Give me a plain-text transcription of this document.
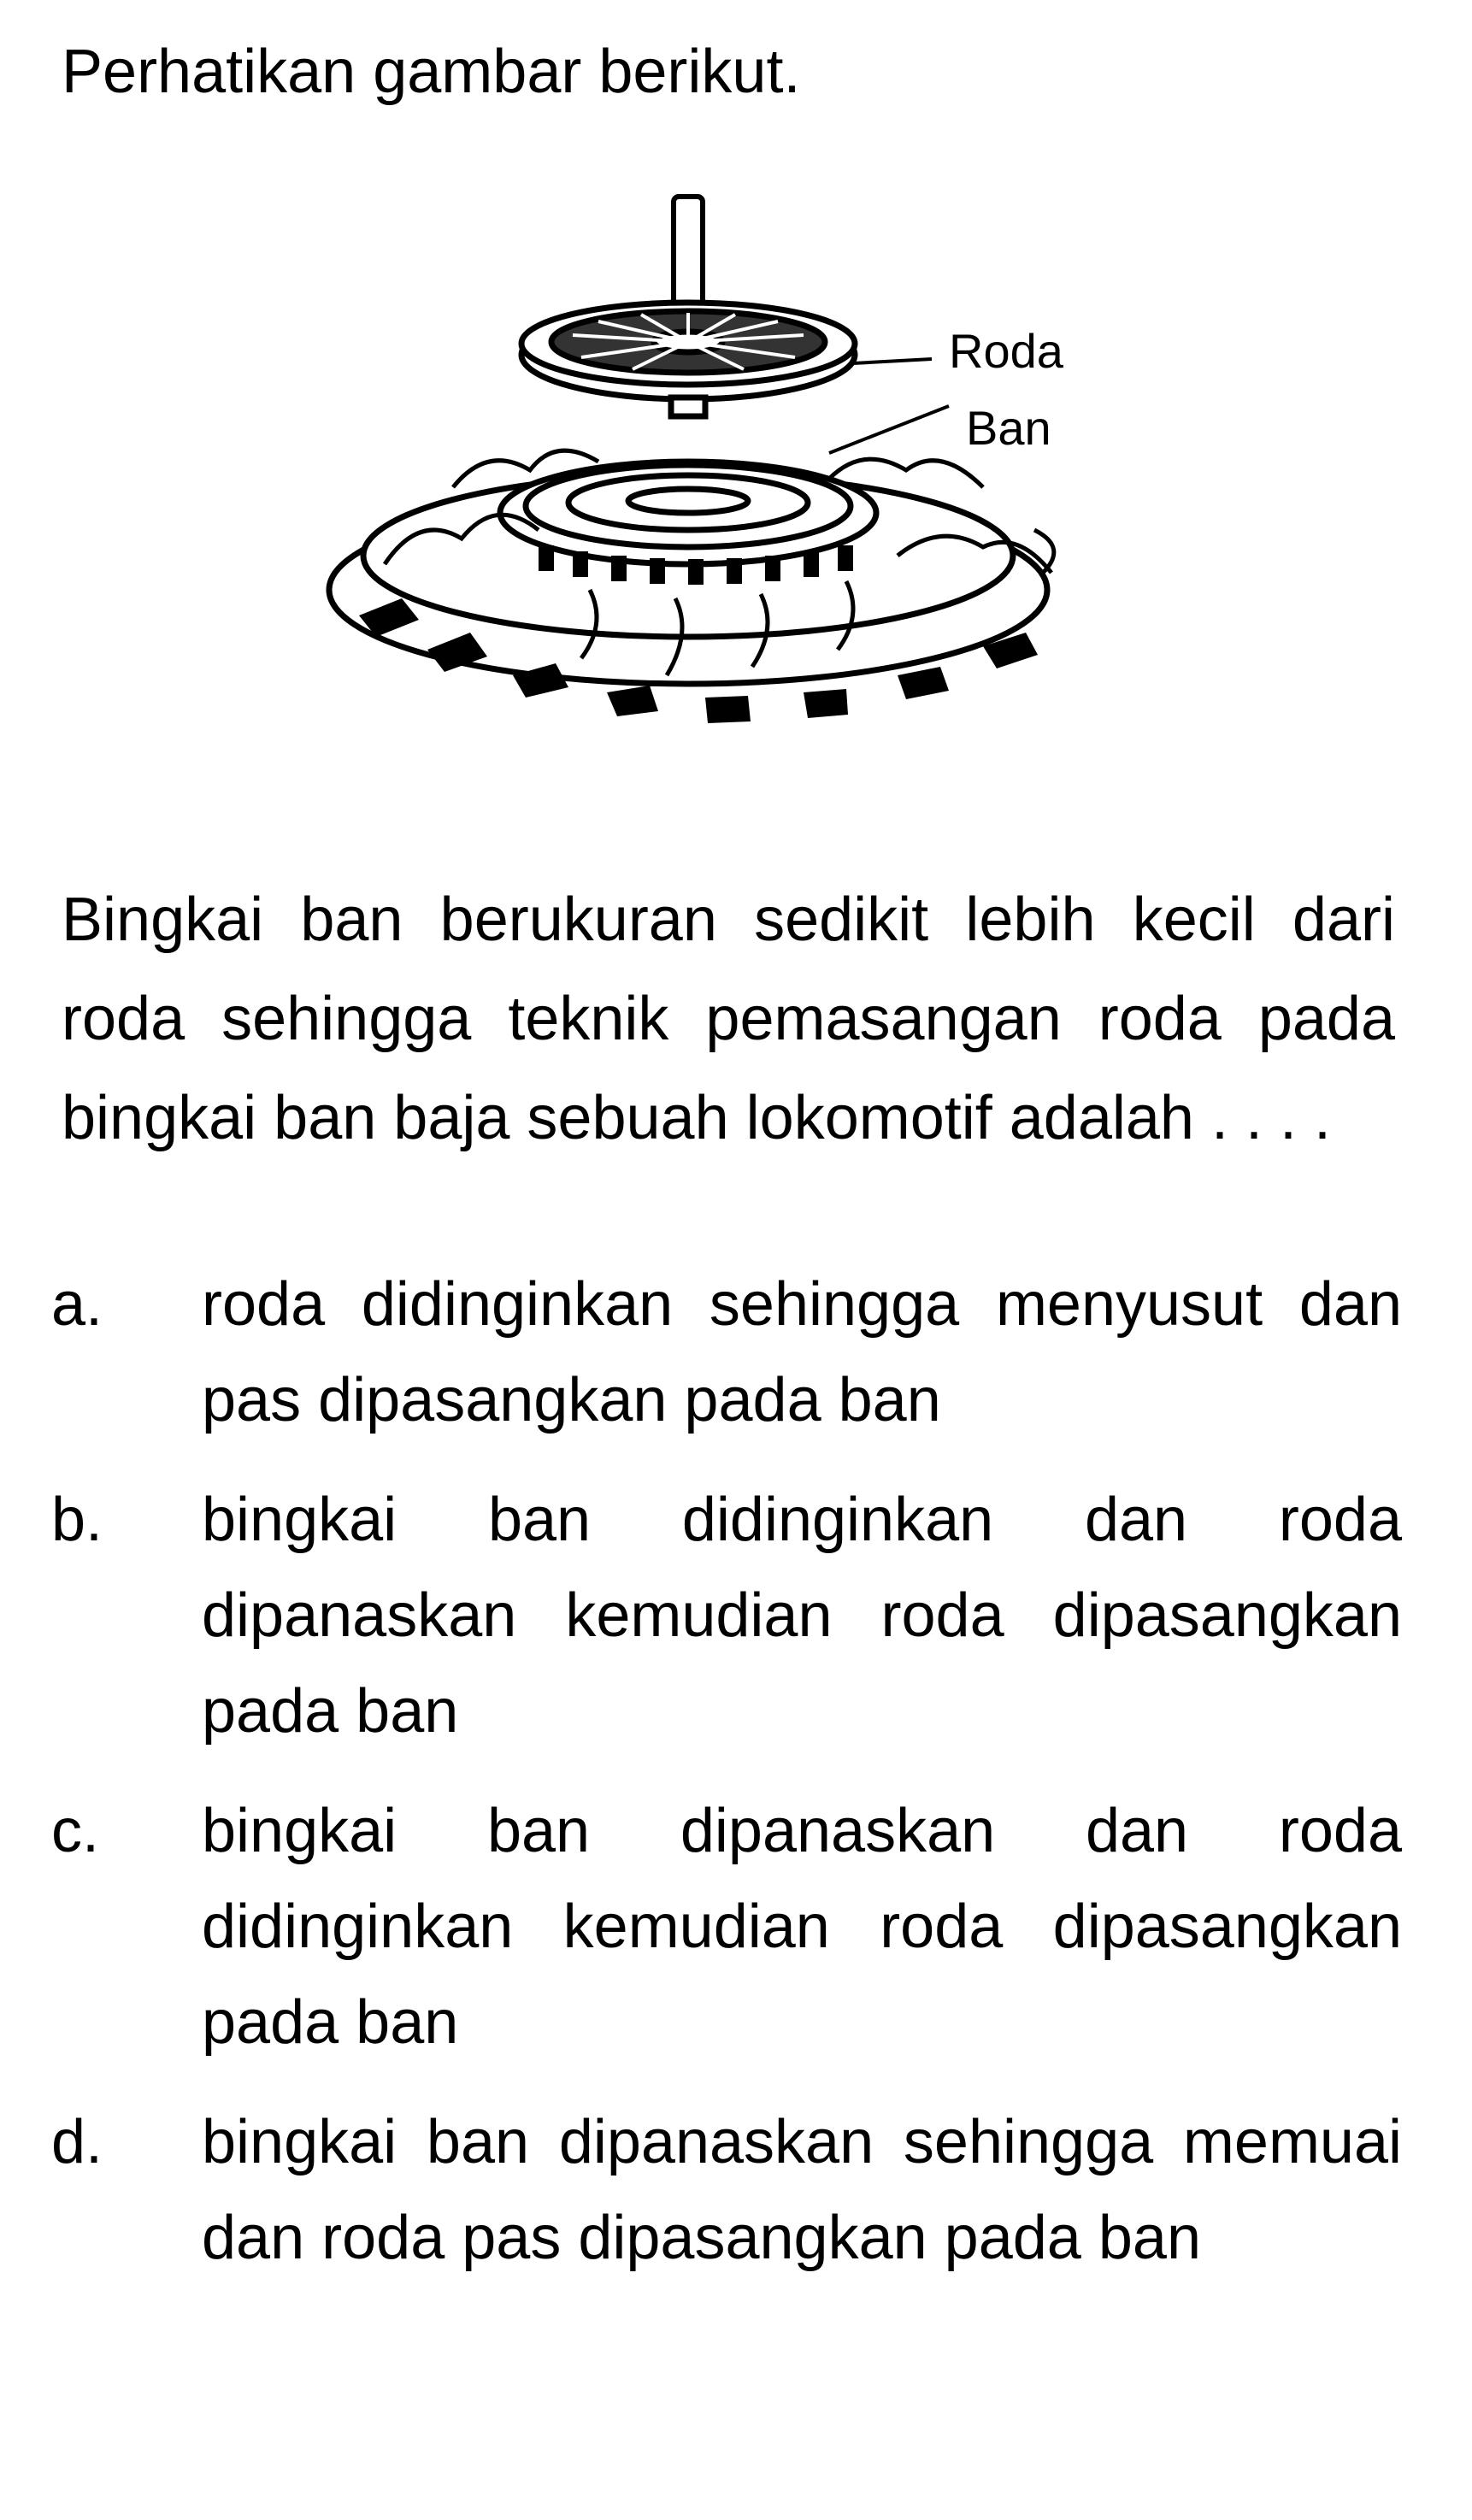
Perhatikan gambar berikut.
Roda
Ban

Bingkai ban berukuran sedikit lebih kecil dari roda sehingga teknik pemasangan roda pada bingkai ban baja sebuah lokomotif adalah . . . .

a.	roda didinginkan sehingga menyusut dan pas dipasangkan pada ban
b.	bingkai ban didinginkan dan roda dipanaskan kemudian roda dipasangkan pada ban
c.	bingkai ban dipanaskan dan roda didinginkan kemudian roda dipasangkan pada ban
d.	bingkai ban dipanaskan sehingga memuai dan roda pas dipasangkan pada ban
